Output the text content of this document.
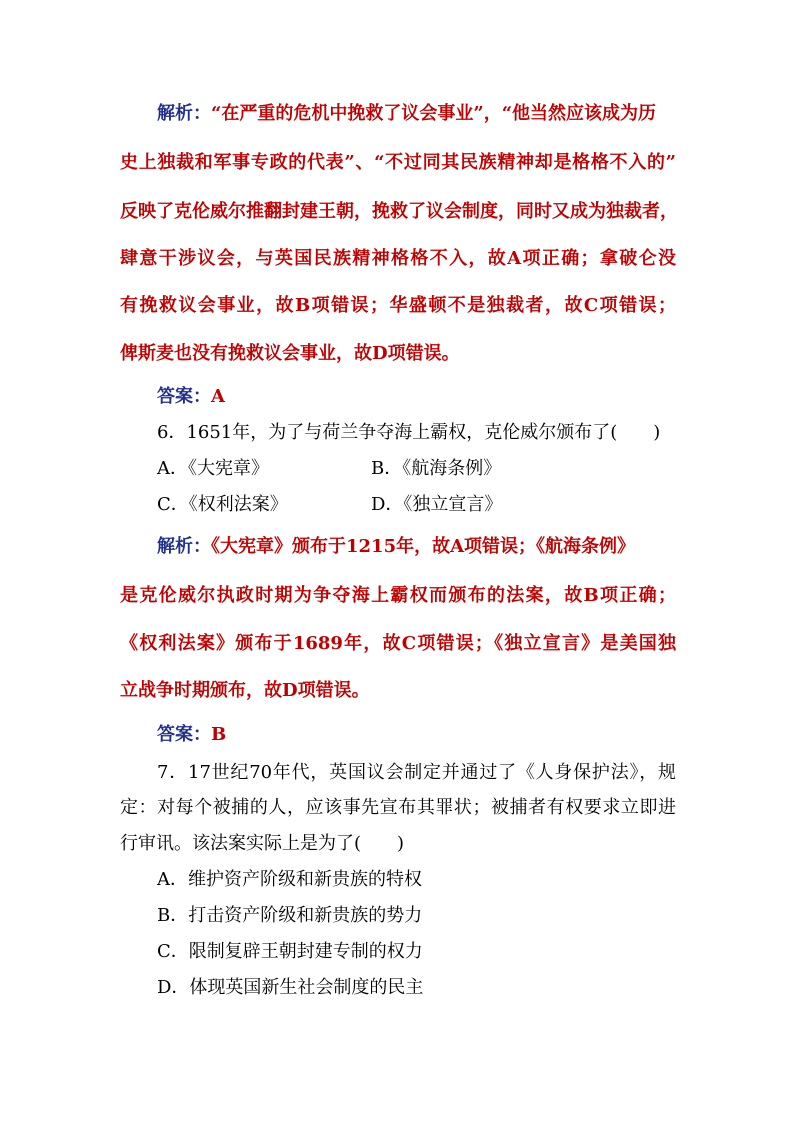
解析：“在严重的危机中挽救了议会事业”，“他当然应该成为历
史上独裁和军事专政的代表”、“不过同其民族精神却是格格不入的”
反映了克伦威尔推翻封建王朝，挽救了议会制度，同时又成为独裁者，
肆意干涉议会，与英国民族精神格格不入，故A项正确；拿破仑没
有挽救议会事业，故B项错误；华盛顿不是独裁者，故C项错误；
俾斯麦也没有挽救议会事业，故D项错误。
答案：A
6．1651年，为了与荷兰争夺海上霸权，克伦威尔颁布了(　　)
A．《大宪章》	B．《航海条例》
C．《权利法案》	D．《独立宣言》
解析：《大宪章》颁布于1215年，故A项错误；《航海条例》
是克伦威尔执政时期为争夺海上霸权而颁布的法案，故B项正确；
《权利法案》颁布于1689年，故C项错误；《独立宣言》是美国独
立战争时期颁布，故D项错误。
答案：B
7．17世纪70年代，英国议会制定并通过了《人身保护法》，规
定：对每个被捕的人，应该事先宣布其罪状；被捕者有权要求立即进
行审讯。该法案实际上是为了(　　)
A．维护资产阶级和新贵族的特权
B．打击资产阶级和新贵族的势力
C．限制复辟王朝封建专制的权力
D．体现英国新生社会制度的民主
